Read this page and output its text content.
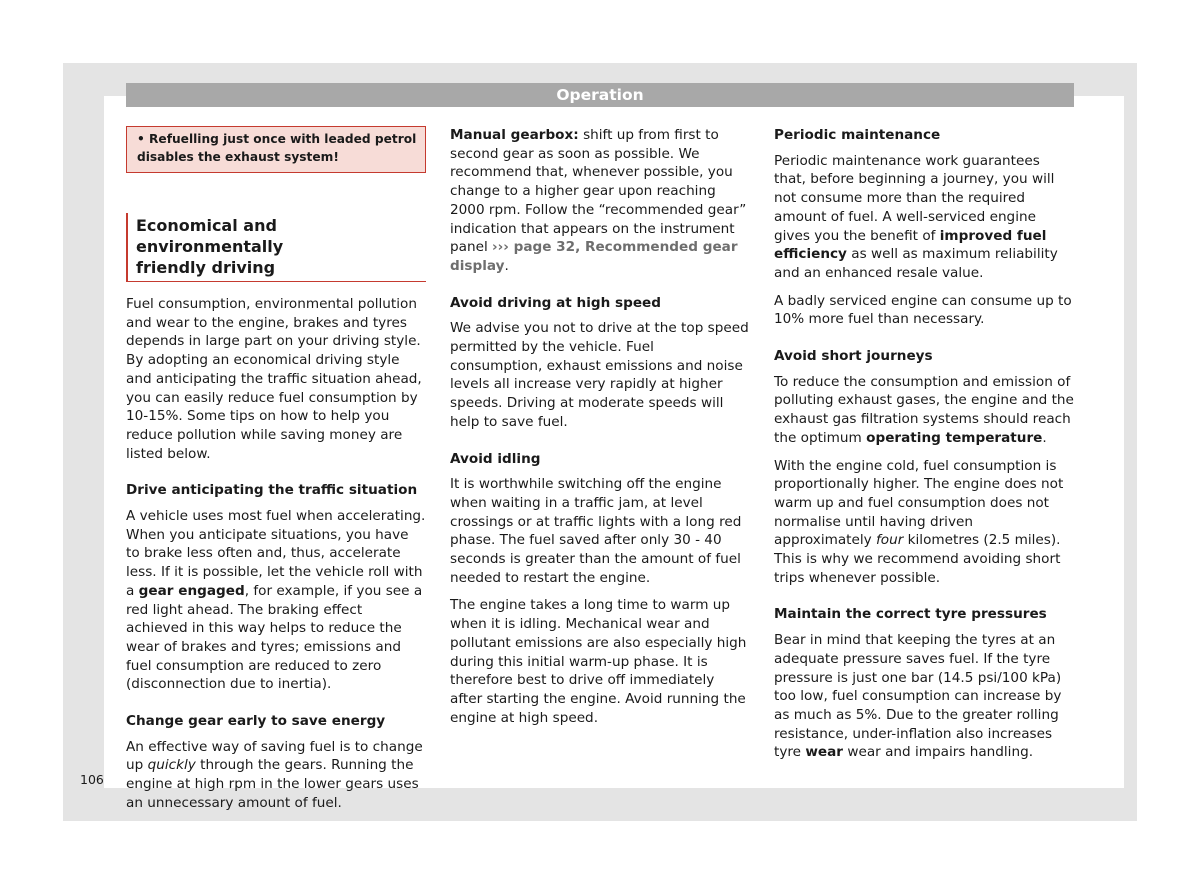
Operation
• Refuelling just once with leaded petrol disables the exhaust system!
Economical and environmentally
friendly driving

Fuel consumption, environmental pollution and wear to the engine, brakes and tyres depends in large part on your driving style. By adopting an economical driving style and anticipating the traffic situation ahead, you can easily reduce fuel consumption by 10-15%. Some tips on how to help you reduce pollution while saving money are listed below.

Drive anticipating the traffic situation

A vehicle uses most fuel when accelerating. When you anticipate situations, you have to brake less often and, thus, accelerate less. If it is possible, let the vehicle roll with a gear engaged, for example, if you see a red light ahead. The braking effect achieved in this way helps to reduce the wear of brakes and tyres; emissions and fuel consumption are reduced to zero (disconnection due to inertia).

Change gear early to save energy

An effective way of saving fuel is to change up quickly through the gears. Running the engine at high rpm in the lower gears uses an unnecessary amount of fuel.

Manual gearbox: shift up from first to second gear as soon as possible. We recommend that, whenever possible, you change to a higher gear upon reaching 2000 rpm. Follow the “recommended gear” indication that appears on the instrument panel ››› page 32, Recommended gear display.

Avoid driving at high speed

We advise you not to drive at the top speed permitted by the vehicle. Fuel consumption, exhaust emissions and noise levels all increase very rapidly at higher speeds. Driving at moderate speeds will help to save fuel.

Avoid idling

It is worthwhile switching off the engine when waiting in a traffic jam, at level crossings or at traffic lights with a long red phase. The fuel saved after only 30 - 40 seconds is greater than the amount of fuel needed to restart the engine.

The engine takes a long time to warm up when it is idling. Mechanical wear and pollutant emissions are also especially high during this initial warm-up phase. It is therefore best to drive off immediately after starting the engine. Avoid running the engine at high speed.

Periodic maintenance

Periodic maintenance work guarantees that, before beginning a journey, you will not consume more than the required amount of fuel. A well-serviced engine gives you the benefit of improved fuel efficiency as well as maximum reliability and an enhanced resale value.

A badly serviced engine can consume up to 10% more fuel than necessary.

Avoid short journeys

To reduce the consumption and emission of polluting exhaust gases, the engine and the exhaust gas filtration systems should reach the optimum operating temperature.

With the engine cold, fuel consumption is proportionally higher. The engine does not warm up and fuel consumption does not normalise until having driven approximately four kilometres (2.5 miles). This is why we recommend avoiding short trips whenever possible.

Maintain the correct tyre pressures

Bear in mind that keeping the tyres at an adequate pressure saves fuel. If the tyre pressure is just one bar (14.5 psi/100 kPa) too low, fuel consumption can increase by as much as 5%. Due to the greater rolling resistance, under-inflation also increases tyre wear wear and impairs handling.

106
